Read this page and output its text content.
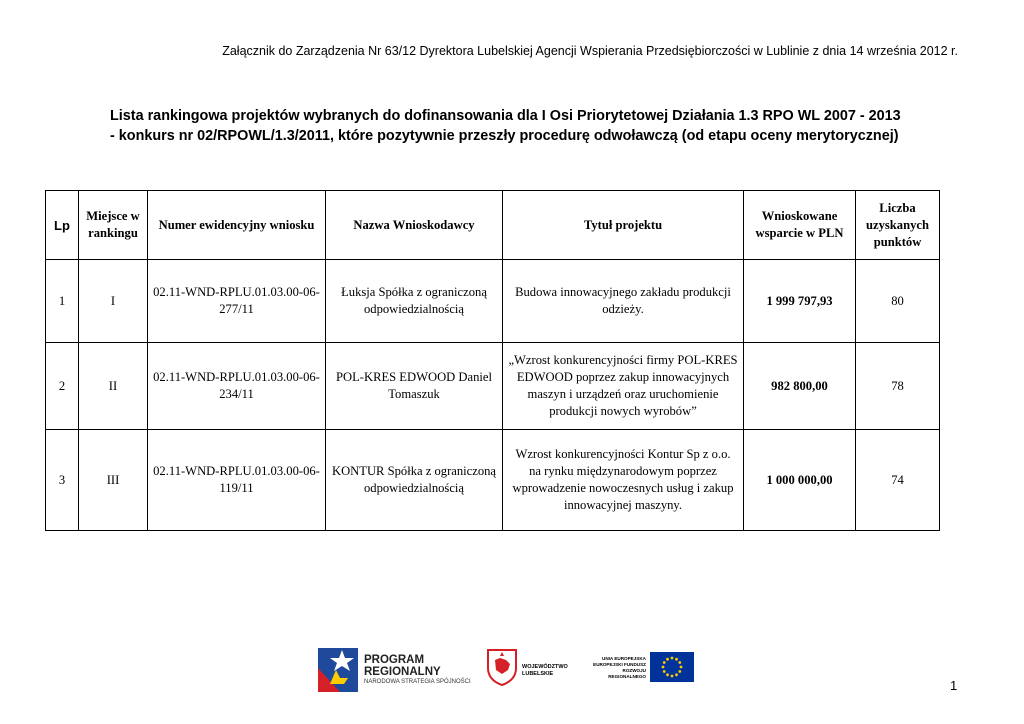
Załącznik do Zarządzenia Nr 63/12 Dyrektora Lubelskiej Agencji Wspierania Przedsiębiorczości w Lublinie z dnia 14 września 2012 r.
Lista rankingowa projektów wybranych do dofinansowania dla I Osi Priorytetowej Działania 1.3 RPO WL 2007 - 2013
- konkurs nr 02/RPOWL/1.3/2011, które pozytywnie przeszły procedurę odwoławczą (od etapu oceny merytorycznej)
Lp	Miejsce w rankingu	Numer ewidencyjny wniosku	Nazwa Wnioskodawcy	Tytuł projektu	Wnioskowane wsparcie w PLN	Liczba uzyskanych punktów
1	I	02.11-WND-RPLU.01.03.00-06-277/11	Łuksja Spółka z ograniczoną odpowiedzialnością	Budowa innowacyjnego zakładu produkcji odzieży.	1 999 797,93	80
2	II	02.11-WND-RPLU.01.03.00-06-234/11	POL-KRES EDWOOD Daniel Tomaszuk	„Wzrost konkurencyjności firmy POL-KRES EDWOOD poprzez zakup innowacyjnych maszyn i urządzeń oraz uruchomienie produkcji nowych wyrobów”	982 800,00	78
3	III	02.11-WND-RPLU.01.03.00-06-119/11	KONTUR Spółka z ograniczoną odpowiedzialnością	Wzrost konkurencyjności Kontur Sp z o.o. na rynku międzynarodowym poprzez wprowadzenie nowoczesnych usług i zakup innowacyjnej maszyny.	1 000 000,00	74
PROGRAM
REGIONALNY
NARODOWA STRATEGIA SPÓJNOŚCI
WOJEWÓDZTWO
LUBELSKIE
UNIA EUROPEJSKA
EUROPEJSKI FUNDUSZ
ROZWOJU REGIONALNEGO
1
